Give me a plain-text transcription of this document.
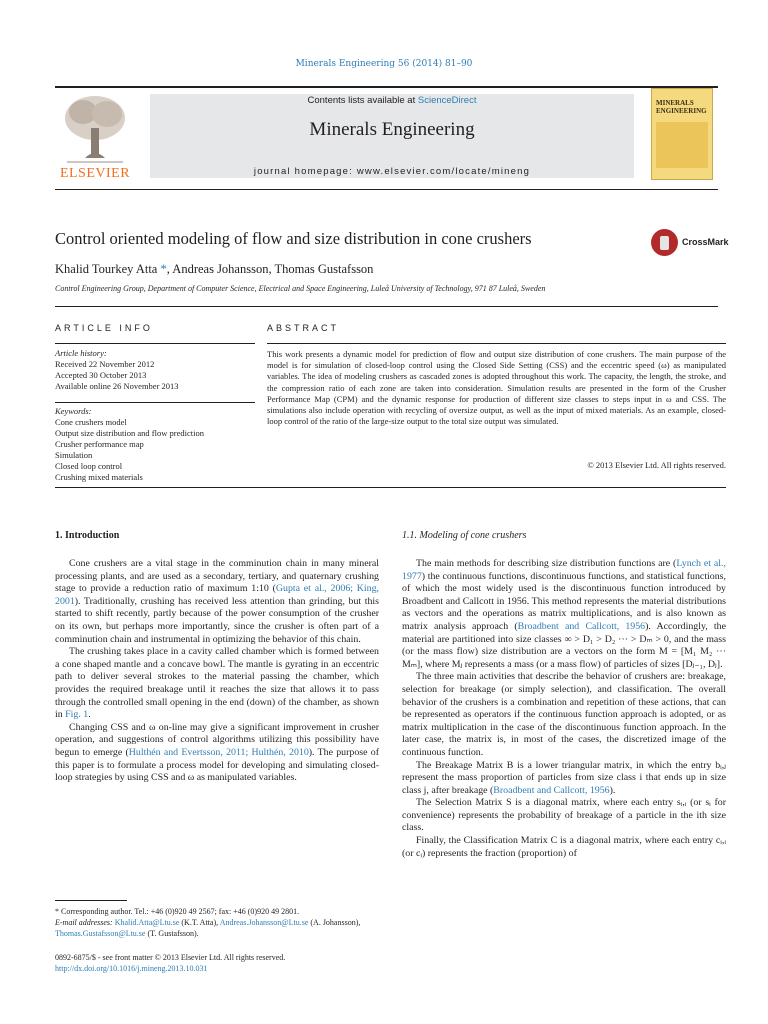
Minerals Engineering 56 (2014) 81–90
ELSEVIER
Contents lists available at ScienceDirect
Minerals Engineering
journal homepage: www.elsevier.com/locate/mineng
MINERALS ENGINEERING
Control oriented modeling of flow and size distribution in cone crushers	CrossMark
Khalid Tourkey Atta *, Andreas Johansson, Thomas Gustafsson
Control Engineering Group, Department of Computer Science, Electrical and Space Engineering, Luleå University of Technology, 971 87 Luleå, Sweden
ARTICLE INFO	ABSTRACT
Article history:
Received 22 November 2012
Accepted 30 October 2013
Available online 26 November 2013
Keywords:
Cone crushers model
Output size distribution and flow prediction
Crusher performance map
Simulation
Closed loop control
Crushing mixed materials
This work presents a dynamic model for prediction of flow and output size distribution of cone crushers. The main purpose of the model is for simulation of closed-loop control using the Closed Side Setting (CSS) and the eccentric speed (ω) as manipulated variables. The idea of modeling crushers as cascaded zones is adopted throughout this work. The capacity, the length, the stroke, and the compression ratio of each zone are taken into consideration. Simulation results are presented in the form of the Crusher Performance Map (CPM) and the dynamic response for production of different size classes to steps input in ω and CSS. The simulations also include operation with recycling of oversize output, as well as the input of mixed materials. As an example, closed-loop control of the ratio of the large-size output to the total size output was simulated.
© 2013 Elsevier Ltd. All rights reserved.
1. Introduction	1.1. Modeling of cone crushers

Cone crushers are a vital stage in the comminution chain in many mineral processing plants, and are used as a secondary, tertiary, and quaternary crushing stage to provide a reduction ratio of maximum 1:10 (Gupta et al., 2006; King, 2001). Traditionally, crushing has received less attention than grinding, but this started to shift recently, partly because of the power consumption of the crusher on its own, but perhaps more importantly, since the crusher is often part of a comminution chain and instrumental in optimizing the behavior of this chain.

The crushing takes place in a cavity called chamber which is formed between a cone shaped mantle and a concave bowl. The mantle is gyrating in an eccentric path to deliver several strokes to the material passing the chamber, which provides the required breakage until it reaches the size that allows it to pass through the controlled small opening in the end (down) of the chamber, as shown in Fig. 1.

Changing CSS and ω on-line may give a significant improvement in crusher operation, and suggestions of control algorithms utilizing this possibility have begun to emerge (Hulthén and Evertsson, 2011; Hulthén, 2010). The purpose of this paper is to formulate a process model for developing and simulating closed-loop strategies by using CSS and ω as manipulated variables.

The main methods for describing size distribution functions are (Lynch et al., 1977) the continuous functions, discontinuous functions, and statistical functions, of which the most widely used is the discontinuous function introduced by Broadbent and Callcott in 1956. This method represents the material distributions as vectors and the operations as matrix multiplications, and is also known as matrix analysis approach (Broadbent and Callcott, 1956). Accordingly, the material are partitioned into size classes ∞ > D₁ > D₂ ··· > Dₘ > 0, and the mass (or the mass flow) size distribution are a vectors on the form M = [M₁ M₂ ··· Mₘ], where Mⱼ represents a mass (or a mass flow) of particles of sizes [Dⱼ₋₁, Dⱼ].

The three main activities that describe the behavior of crushers are: breakage, selection for breakage (or simply selection), and classification. The overall behavior of the crushers is a combination and repetition of these actions, that can be represented as operators if the continuous function approach is adopted, or as matrix multiplication in the case of the discontinuous function approach. In the later case, the matrix is, in most of the cases, the discretized image of the continuous function.

The Breakage Matrix B is a lower triangular matrix, in which the entry bᵢ,ⱼ represent the mass proportion of particles from size class i that ends up in size class j, after breakage (Broadbent and Callcott, 1956).

The Selection Matrix S is a diagonal matrix, where each entry sᵢ,ᵢ (or sᵢ for convenience) represents the probability of breakage of a particle in the ith size class.

Finally, the Classification Matrix C is a diagonal matrix, where each entry cᵢ,ᵢ (or cᵢ) represents the fraction (proportion) of

* Corresponding author. Tel.: +46 (0)920 49 2567; fax: +46 (0)920 49 2801.
E-mail addresses: Khalid.Atta@Ltu.se (K.T. Atta), Andreas.Johansson@Ltu.se (A. Johansson), Thomas.Gustafsson@Ltu.se (T. Gustafsson).
0892-6875/$ - see front matter © 2013 Elsevier Ltd. All rights reserved.
http://dx.doi.org/10.1016/j.mineng.2013.10.031
